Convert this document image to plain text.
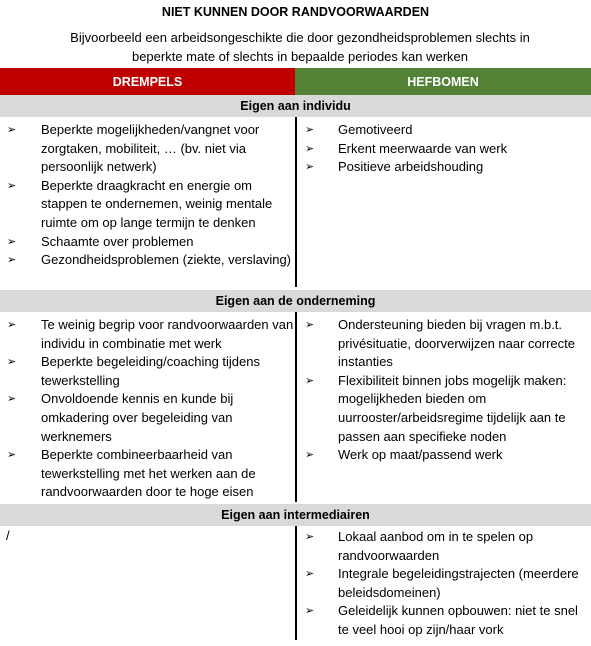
NIET KUNNEN DOOR RANDVOORWAARDEN
Bijvoorbeeld een arbeidsongeschikte die door gezondheidsproblemen slechts in beperkte mate of slechts in bepaalde periodes kan werken
DREMPELS	HEFBOMEN
Eigen aan individu
➢ Beperkte mogelijkheden/vangnet voor zorgtaken, mobiliteit, … (bv. niet via persoonlijk netwerk)
➢ Beperkte draagkracht en energie om stappen te ondernemen, weinig mentale ruimte om op lange termijn te denken
➢ Schaamte over problemen
➢ Gezondheidsproblemen (ziekte, verslaving)
➢ Gemotiveerd
➢ Erkent meerwaarde van werk
➢ Positieve arbeidshouding
Eigen aan de onderneming
➢ Te weinig begrip voor randvoorwaarden van individu in combinatie met werk
➢ Beperkte begeleiding/coaching tijdens tewerkstelling
➢ Onvoldoende kennis en kunde bij omkadering over begeleiding van werknemers
➢ Beperkte combineerbaarheid van tewerkstelling met het werken aan de randvoorwaarden door te hoge eisen
➢ Ondersteuning bieden bij vragen m.b.t. privésituatie, doorverwijzen naar correcte instanties
➢ Flexibiliteit binnen jobs mogelijk maken: mogelijkheden bieden om uurrooster/arbeidsregime tijdelijk aan te passen aan specifieke noden
➢ Werk op maat/passend werk
Eigen aan intermediairen
/	➢ Lokaal aanbod om in te spelen op randvoorwaarden
➢ Integrale begeleidingstrajecten (meerdere beleidsdomeinen)
➢ Geleidelijk kunnen opbouwen: niet te snel te veel hooi op zijn/haar vork
